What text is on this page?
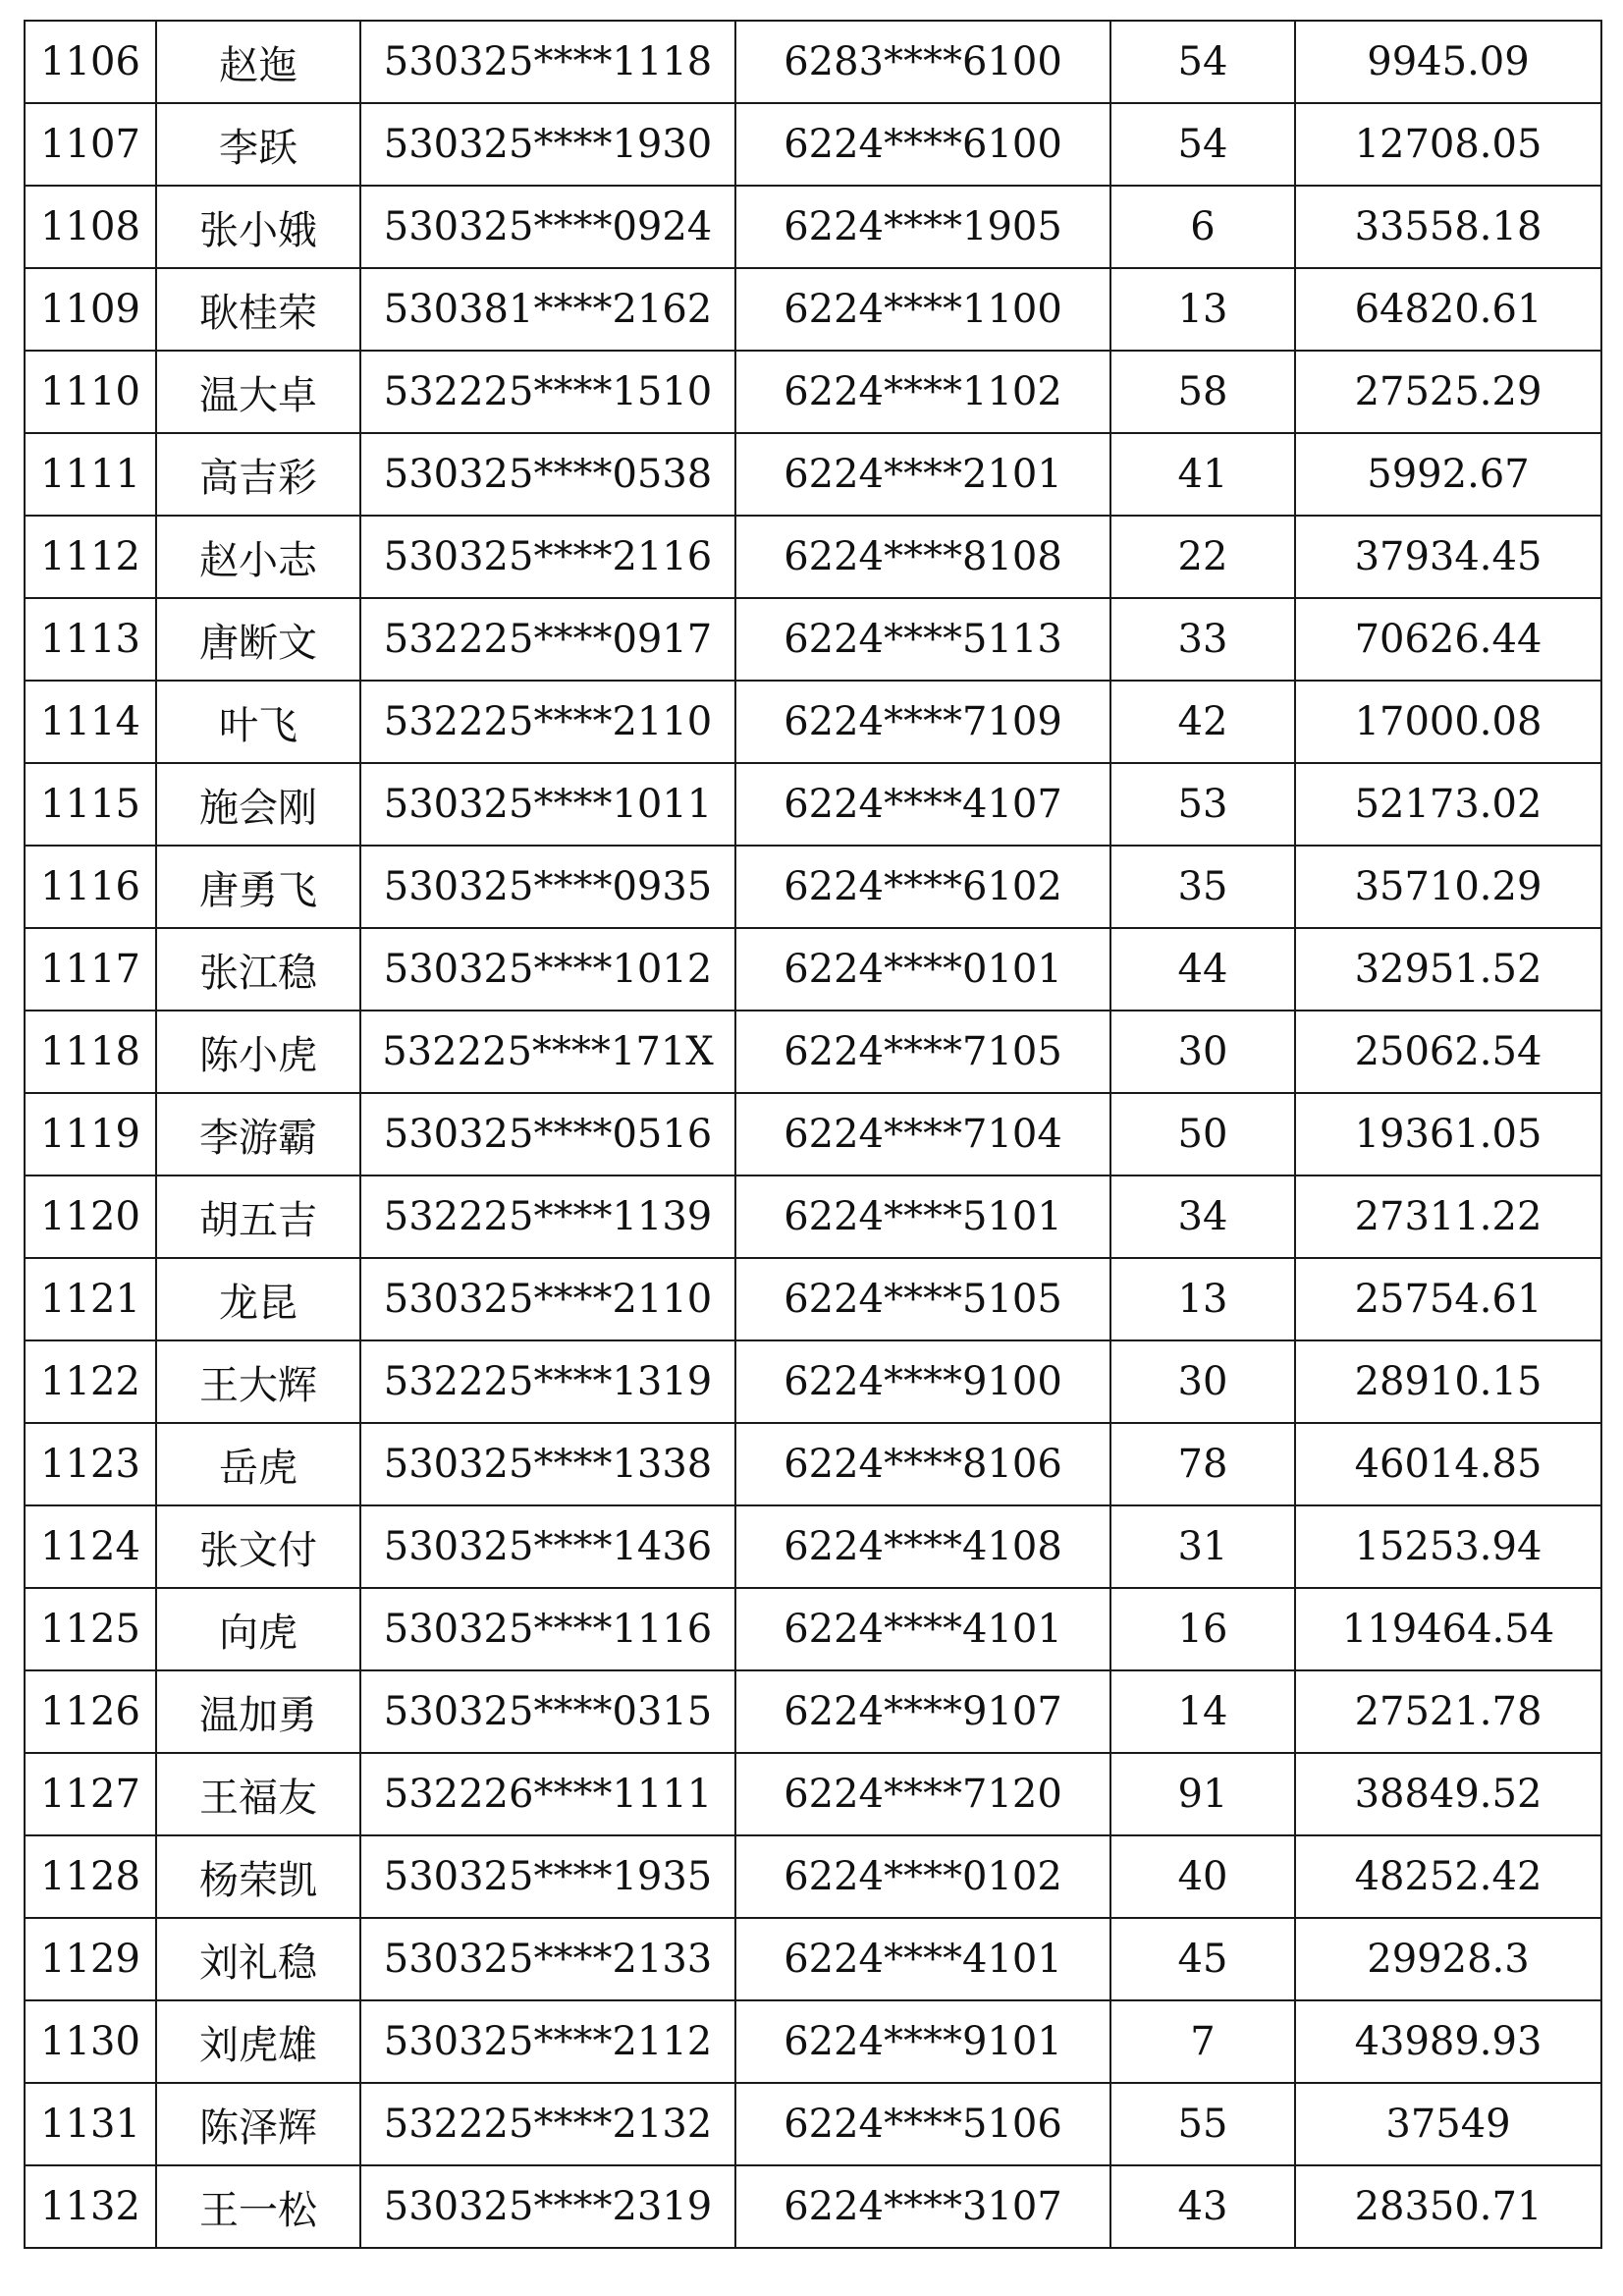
1106	赵迤	530325****1118	6283****6100	54	9945.09
1107	李跃	530325****1930	6224****6100	54	12708.05
1108	张小娥	530325****0924	6224****1905	6	33558.18
1109	耿桂荣	530381****2162	6224****1100	13	64820.61
1110	温大卓	532225****1510	6224****1102	58	27525.29
1111	高吉彩	530325****0538	6224****2101	41	5992.67
1112	赵小志	530325****2116	6224****8108	22	37934.45
1113	唐断文	532225****0917	6224****5113	33	70626.44
1114	叶飞	532225****2110	6224****7109	42	17000.08
1115	施会刚	530325****1011	6224****4107	53	52173.02
1116	唐勇飞	530325****0935	6224****6102	35	35710.29
1117	张江稳	530325****1012	6224****0101	44	32951.52
1118	陈小虎	532225****171X	6224****7105	30	25062.54
1119	李游霸	530325****0516	6224****7104	50	19361.05
1120	胡五吉	532225****1139	6224****5101	34	27311.22
1121	龙昆	530325****2110	6224****5105	13	25754.61
1122	王大辉	532225****1319	6224****9100	30	28910.15
1123	岳虎	530325****1338	6224****8106	78	46014.85
1124	张文付	530325****1436	6224****4108	31	15253.94
1125	向虎	530325****1116	6224****4101	16	119464.54
1126	温加勇	530325****0315	6224****9107	14	27521.78
1127	王福友	532226****1111	6224****7120	91	38849.52
1128	杨荣凯	530325****1935	6224****0102	40	48252.42
1129	刘礼稳	530325****2133	6224****4101	45	29928.3
1130	刘虎雄	530325****2112	6224****9101	7	43989.93
1131	陈泽辉	532225****2132	6224****5106	55	37549
1132	王一松	530325****2319	6224****3107	43	28350.71
